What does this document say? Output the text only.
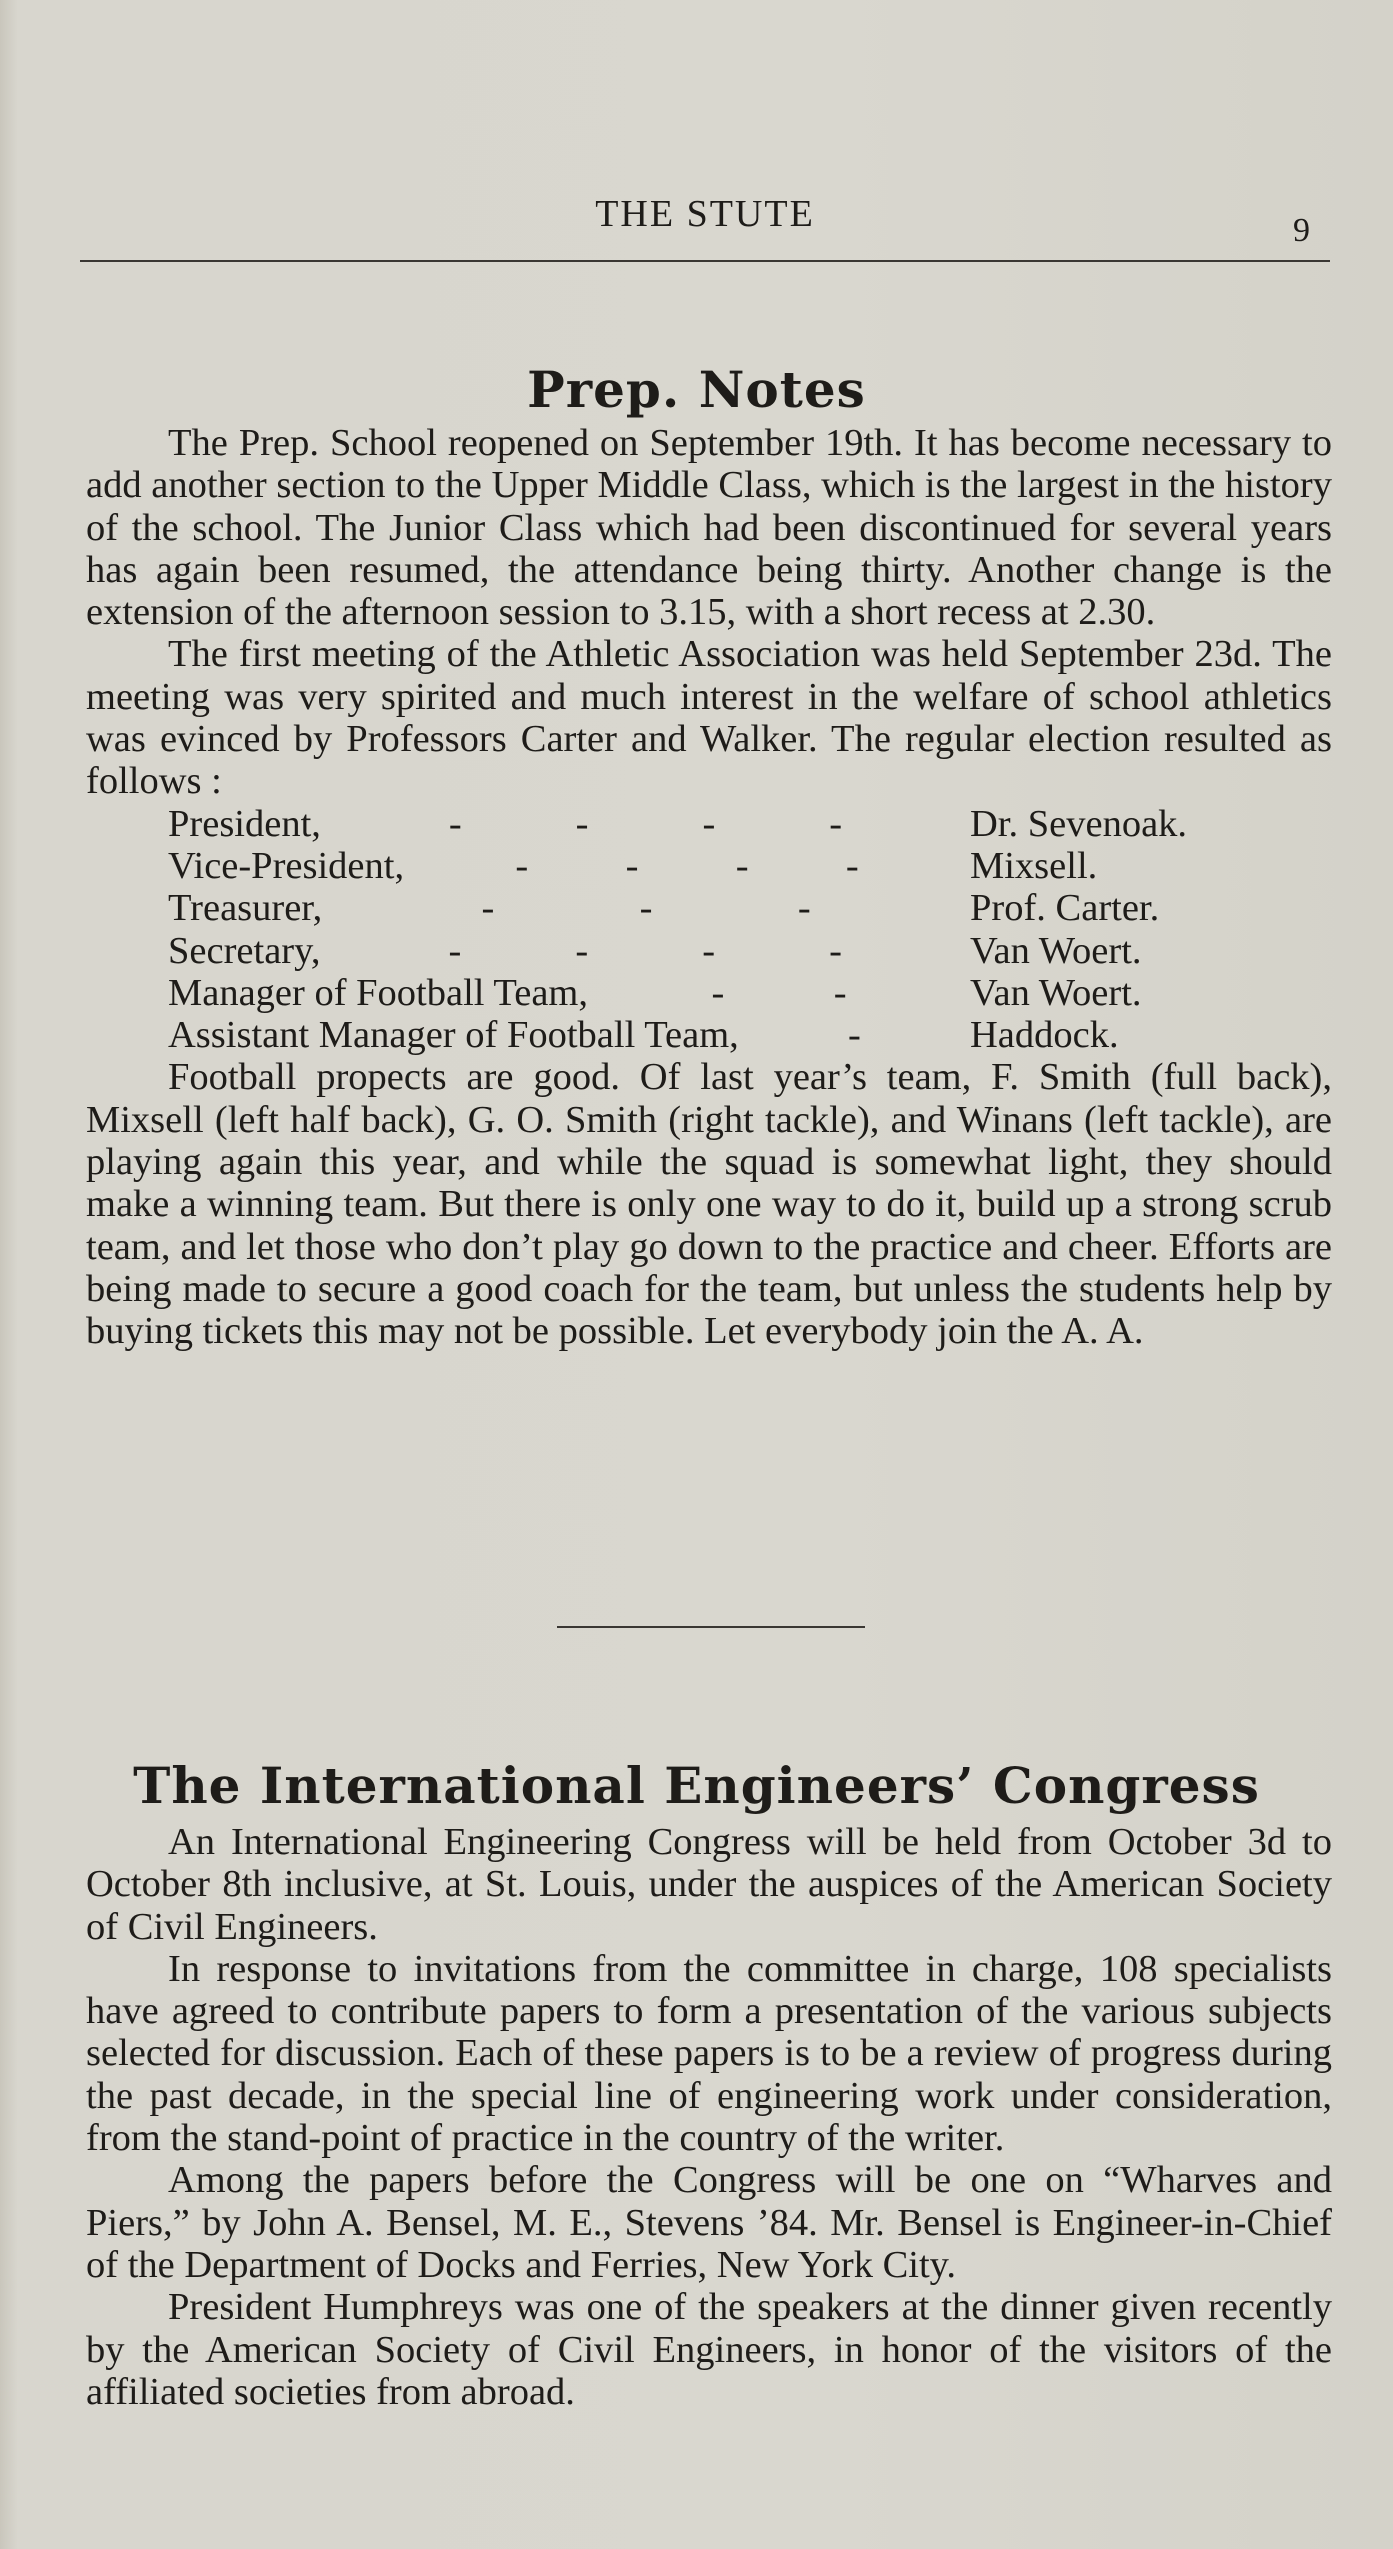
THE STUTE	9
Prep. Notes

The Prep. School reopened on September 19th. It has become necessary to add another section to the Upper Middle Class, which is the largest in the history of the school. The Junior Class which had been discontinued for several years has again been resumed, the attendance being thirty. Another change is the extension of the afternoon session to 3.15, with a short recess at 2.30.

The first meeting of the Athletic Association was held September 23d. The meeting was very spirited and much interest in the welfare of school athletics was evinced by Professors Carter and Walker. The regular election resulted as follows :

President,	-	-	-	-	Dr. Sevenoak.
Vice-President,	-	-	-	-	Mixsell.
Treasurer,	-	-	-	Prof. Carter.
Secretary,	-	-	-	-	Van Woert.
Manager of Football Team,	-	-	Van Woert.
Assistant Manager of Football Team,	-	Haddock.

Football propects are good. Of last year’s team, F. Smith (full back), Mixsell (left half back), G. O. Smith (right tackle), and Winans (left tackle), are playing again this year, and while the squad is somewhat light, they should make a winning team. But there is only one way to do it, build up a strong scrub team, and let those who don’t play go down to the practice and cheer. Efforts are being made to secure a good coach for the team, but unless the students help by buying tickets this may not be possible. Let everybody join the A. A.

The International Engineers’ Congress

An International Engineering Congress will be held from October 3d to October 8th inclusive, at St. Louis, under the auspices of the American Society of Civil Engineers.

In response to invitations from the committee in charge, 108 specialists have agreed to contribute papers to form a presentation of the various subjects selected for discussion. Each of these papers is to be a review of progress during the past decade, in the special line of engineering work under consideration, from the stand-point of practice in the country of the writer.

Among the papers before the Congress will be one on “Wharves and Piers,” by John A. Bensel, M. E., Stevens ’84. Mr. Bensel is Engineer-in-Chief of the Department of Docks and Ferries, New York City.

President Humphreys was one of the speakers at the dinner given recently by the American Society of Civil Engineers, in honor of the visitors of the affiliated societies from abroad.
